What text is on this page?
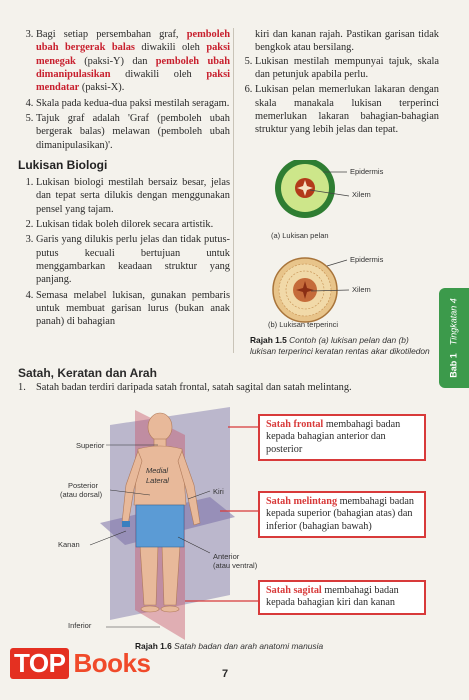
3. Bagi setiap persembahan graf, pemboleh ubah bergerak balas diwakili oleh paksi menegak (paksi-Y) dan pemboleh ubah dimanipulasikan diwakili oleh paksi mendatar (paksi-X).
4. Skala pada kedua-dua paksi mestilah seragam.
5. Tajuk graf adalah 'Graf (pemboleh ubah bergerak balas) melawan (pemboleh ubah dimanipulasikan)'.
Lukisan Biologi
1. Lukisan biologi mestilah bersaiz besar, jelas dan tepat serta dilukis dengan menggunakan pensel yang tajam.
2. Lukisan tidak boleh dilorek secara artistik.
3. Garis yang dilukis perlu jelas dan tidak putus-putus kecuali bertujuan untuk menggambarkan keadaan struktur yang panjang.
4. Semasa melabel lukisan, gunakan pembaris untuk membuat garisan lurus (bukan anak panah) di bahagian
kiri dan kanan rajah. Pastikan garisan tidak bengkok atau bersilang.
5. Lukisan mestilah mempunyai tajuk, skala dan petunjuk apabila perlu.
6. Lukisan pelan memerlukan lakaran dengan skala manakala lukisan terperinci memerlukan lakaran bahagian-bahagian struktur yang lebih jelas dan tepat.
Epidermis
Xilem
(a) Lukisan pelan
Epidermis
Xilem
(b) Lukisan terperinci
Rajah 1.5 Contoh (a) lukisan pelan dan (b) lukisan terperinci keratan rentas akar dikotiledon
Bab 1Tingkatan 4
Satah, Keratan dan Arah
1. Satah badan terdiri daripada satah frontal, satah sagital dan satah melintang.
Superior
Posterior
(atau dorsal)
Kanan
Inferior
Medial
Lateral
Kiri
Anterior
(atau ventral)
Satah frontal membahagi badan kepada bahagian anterior dan posterior
Satah melintang membahagi badan kepada superior (bahagian atas) dan inferior (bahagian bawah)
Satah sagital membahagi badan kepada bahagian kiri dan kanan
Rajah 1.6 Satah badan dan arah anatomi manusia
7
TOP Books
